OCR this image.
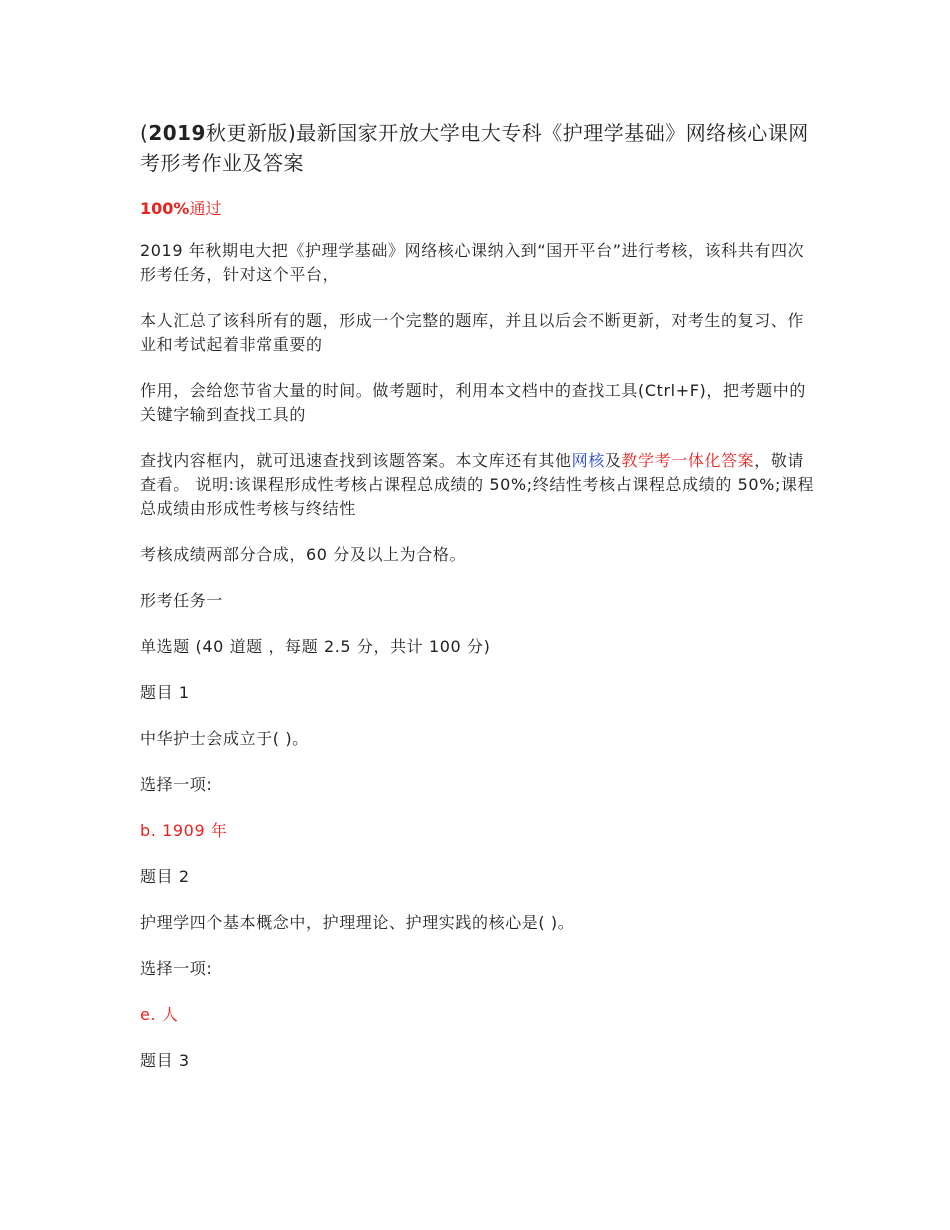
(2019秋更新版)最新国家开放大学电大专科《护理学基础》网络核心课网考形考作业及答案
100%通过
2019 年秋期电大把《护理学基础》网络核心课纳入到“国开平台”进行考核，该科共有四次形考任务，针对这个平台，
本人汇总了该科所有的题，形成一个完整的题库，并且以后会不断更新，对考生的复习、作业和考试起着非常重要的
作用，会给您节省大量的时间。做考题时，利用本文档中的查找工具(Ctrl+F)，把考题中的关键字输到查找工具的
查找内容框内，就可迅速查找到该题答案。本文库还有其他网核及教学考一体化答案，敬请查看。 说明:该课程形成性考核占课程总成绩的 50%;终结性考核占课程总成绩的 50%;课程总成绩由形成性考核与终结性
考核成绩两部分合成，60 分及以上为合格。
形考任务一
单选题 (40 道题 ，每题 2.5 分，共计 100 分)
题目 1
中华护士会成立于( )。
选择一项:
b. 1909 年
题目 2
护理学四个基本概念中，护理理论、护理实践的核心是( )。
选择一项:
e. 人
题目 3
